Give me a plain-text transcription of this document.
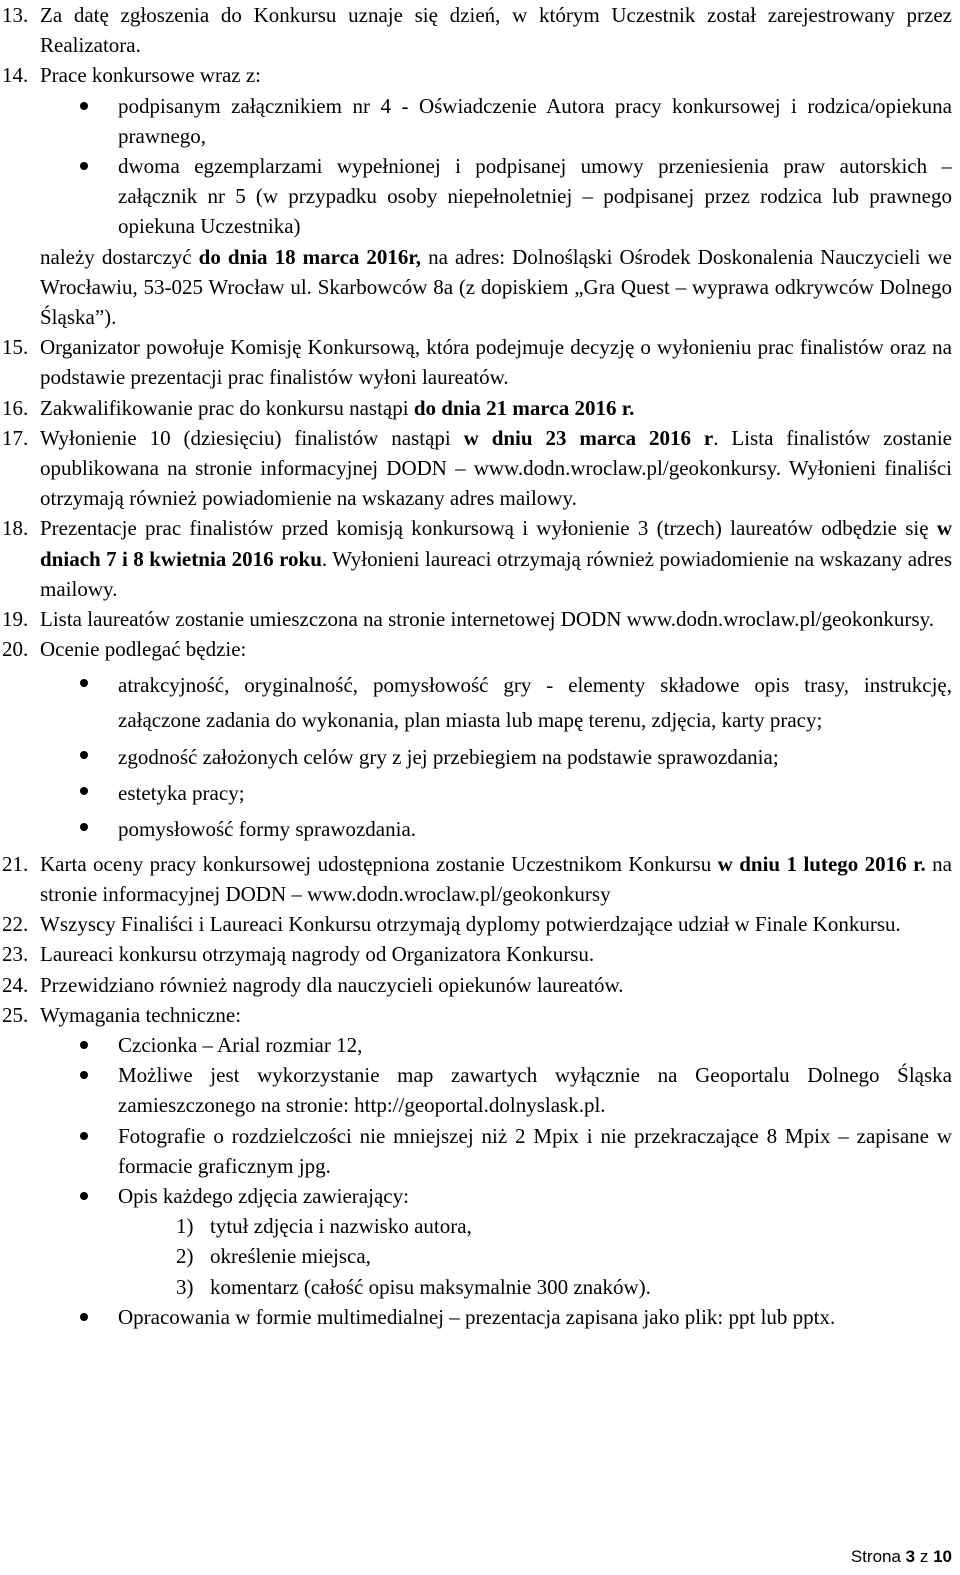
13. Za datę zgłoszenia do Konkursu uznaje się dzień, w którym Uczestnik został zarejestrowany przez Realizatora.
14. Prace konkursowe wraz z:
podpisanym załącznikiem nr 4 - Oświadczenie Autora pracy konkursowej i rodzica/opiekuna prawnego,
dwoma egzemplarzami wypełnionej i podpisanej umowy przeniesienia praw autorskich – załącznik nr 5 (w przypadku osoby niepełnoletniej – podpisanej przez rodzica lub prawnego opiekuna Uczestnika)
należy dostarczyć do dnia 18 marca 2016r, na adres: Dolnośląski Ośrodek Doskonalenia Nauczycieli we Wrocławiu, 53-025 Wrocław ul. Skarbowców 8a (z dopiskiem „Gra Quest – wyprawa odkrywców Dolnego Śląska”).
15. Organizator powołuje Komisję Konkursową, która podejmuje decyzję o wyłonieniu prac finalistów oraz na podstawie prezentacji prac finalistów wyłoni laureatów.
16. Zakwalifikowanie prac do konkursu nastąpi do dnia 21 marca 2016 r.
17. Wyłonienie 10 (dziesięciu) finalistów nastąpi w dniu 23 marca 2016 r. Lista finalistów zostanie opublikowana na stronie informacyjnej DODN – www.dodn.wroclaw.pl/geokonkursy. Wyłonieni finaliści otrzymają również powiadomienie na wskazany adres mailowy.
18. Prezentacje prac finalistów przed komisją konkursową i wyłonienie 3 (trzech) laureatów odbędzie się w dniach 7 i 8 kwietnia 2016 roku. Wyłonieni laureaci otrzymają również powiadomienie na wskazany adres mailowy.
19. Lista laureatów zostanie umieszczona na stronie internetowej DODN www.dodn.wroclaw.pl/geokonkursy.
20. Ocenie podlegać będzie:
atrakcyjność, oryginalność, pomysłowość gry - elementy składowe opis trasy, instrukcję, załączone zadania do wykonania, plan miasta lub mapę terenu, zdjęcia, karty pracy;
zgodność założonych celów gry z jej przebiegiem na podstawie sprawozdania;
estetyka pracy;
pomysłowość formy sprawozdania.
21. Karta oceny pracy konkursowej udostępniona zostanie Uczestnikom Konkursu w dniu 1 lutego 2016 r. na stronie informacyjnej DODN – www.dodn.wroclaw.pl/geokonkursy
22. Wszyscy Finaliści i Laureaci Konkursu otrzymają dyplomy potwierdzające udział w Finale Konkursu.
23. Laureaci konkursu otrzymają nagrody od Organizatora Konkursu.
24. Przewidziano również nagrody dla nauczycieli opiekunów laureatów.
25. Wymagania techniczne:
Czcionka – Arial rozmiar 12,
Możliwe jest wykorzystanie map zawartych wyłącznie na Geoportalu Dolnego Śląska zamieszczonego na stronie: http://geoportal.dolnyslask.pl.
Fotografie o rozdzielczości nie mniejszej niż 2 Mpix i nie przekraczające 8 Mpix – zapisane w formacie graficznym jpg.
Opis każdego zdjęcia zawierający:
1) tytuł zdjęcia i nazwisko autora,
2) określenie miejsca,
3) komentarz (całość opisu maksymalnie 300 znaków).
Opracowania w formie multimedialnej – prezentacja zapisana jako plik: ppt lub pptx.
Strona 3 z 10
